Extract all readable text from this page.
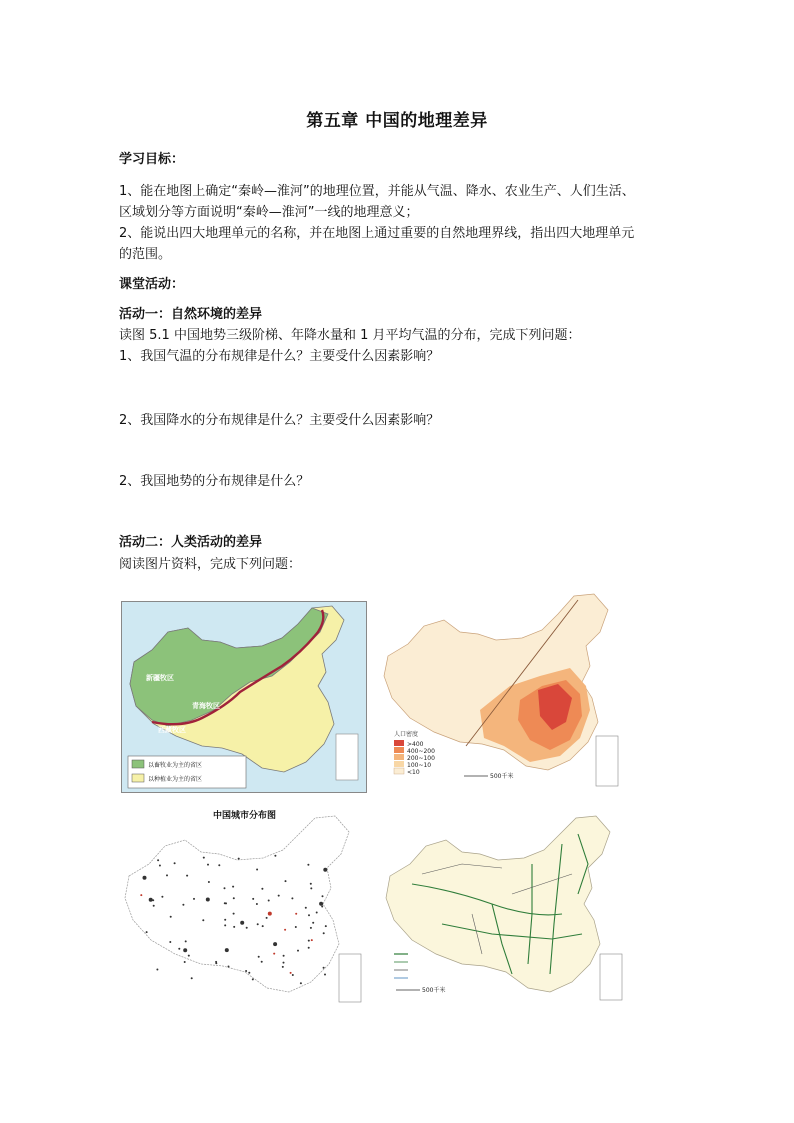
第五章 中国的地理差异
学习目标：
1、能在地图上确定“秦岭—淮河”的地理位置，并能从气温、降水、农业生产、人们生活、
区域划分等方面说明“秦岭—淮河”一线的地理意义；
2、能说出四大地理单元的名称，并在地图上通过重要的自然地理界线，指出四大地理单元
的范围。
课堂活动：
活动一：自然环境的差异
读图 5.1 中国地势三级阶梯、年降水量和 1 月平均气温的分布，完成下列问题：
1、我国气温的分布规律是什么？主要受什么因素影响？
2、我国降水的分布规律是什么？主要受什么因素影响？
2、我国地势的分布规律是什么？
活动二：人类活动的差异
阅读图片资料，完成下列问题：
新疆牧区
青海牧区
西藏牧区
以畜牧业为主的省区
以种植业为主的省区
人口密度
>400
400~200
200~100
100~10
<10
500千米
中国城市分布图
500千米
